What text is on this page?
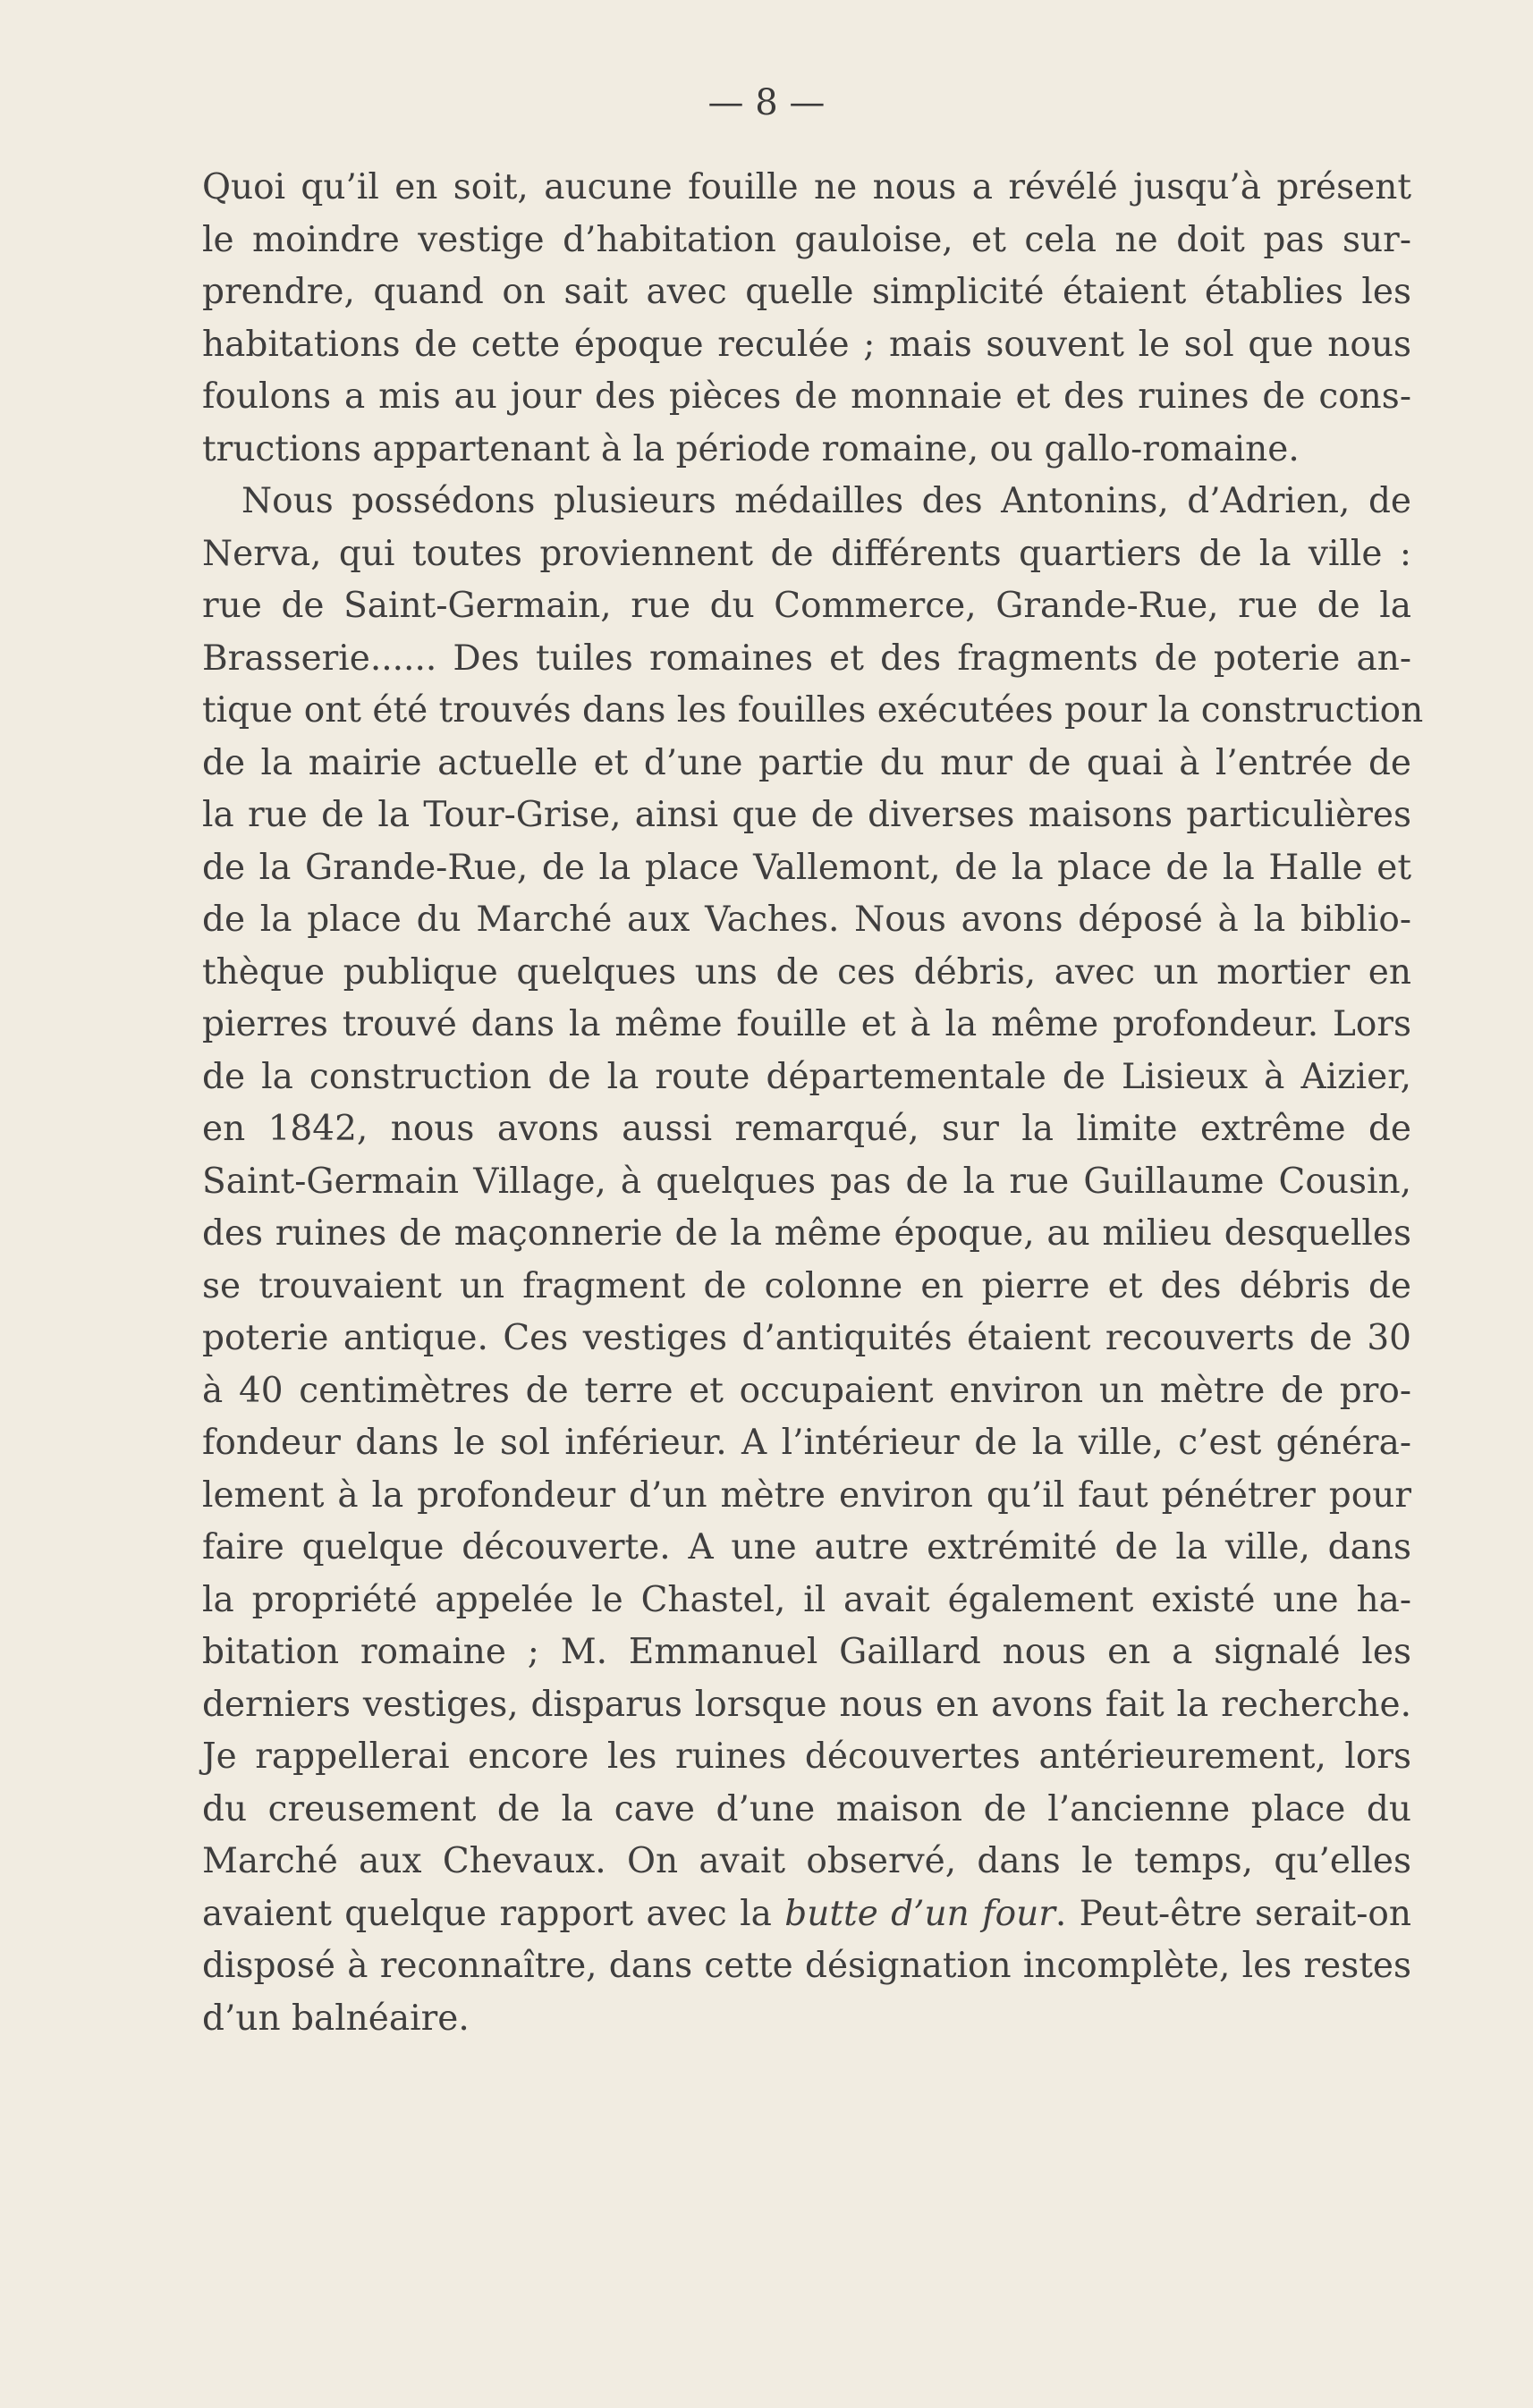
— 8 —

Quoi qu’il en soit, aucune fouille ne nous a révélé jusqu’à présent
le moindre vestige d’habitation gauloise, et cela ne doit pas sur-
prendre, quand on sait avec quelle simplicité étaient établies les
habitations de cette époque reculée ; mais souvent le sol que nous
foulons a mis au jour des pièces de monnaie et des ruines de cons-
tructions appartenant à la période romaine, ou gallo-romaine.
Nous possédons plusieurs médailles des Antonins, d’Adrien, de
Nerva, qui toutes proviennent de différents quartiers de la ville :
rue de Saint-Germain, rue du Commerce, Grande-Rue, rue de la
Brasserie...... Des tuiles romaines et des fragments de poterie an-
tique ont été trouvés dans les fouilles exécutées pour la construction
de la mairie actuelle et d’une partie du mur de quai à l’entrée de
la rue de la Tour-Grise, ainsi que de diverses maisons particulières
de la Grande-Rue, de la place Vallemont, de la place de la Halle et
de la place du Marché aux Vaches. Nous avons déposé à la biblio-
thèque publique quelques uns de ces débris, avec un mortier en
pierres trouvé dans la même fouille et à la même profondeur. Lors
de la construction de la route départementale de Lisieux à Aizier,
en 1842, nous avons aussi remarqué, sur la limite extrême de
Saint-Germain Village, à quelques pas de la rue Guillaume Cousin,
des ruines de maçonnerie de la même époque, au milieu desquelles
se trouvaient un fragment de colonne en pierre et des débris de
poterie antique. Ces vestiges d’antiquités étaient recouverts de 30
à 40 centimètres de terre et occupaient environ un mètre de pro-
fondeur dans le sol inférieur. A l’intérieur de la ville, c’est généra-
lement à la profondeur d’un mètre environ qu’il faut pénétrer pour
faire quelque découverte. A une autre extrémité de la ville, dans
la propriété appelée le Chastel, il avait également existé une ha-
bitation romaine ; M. Emmanuel Gaillard nous en a signalé les
derniers vestiges, disparus lorsque nous en avons fait la recherche.
Je rappellerai encore les ruines découvertes antérieurement, lors
du creusement de la cave d’une maison de l’ancienne place du
Marché aux Chevaux. On avait observé, dans le temps, qu’elles
avaient quelque rapport avec la butte d’un four. Peut-être serait-on
disposé à reconnaître, dans cette désignation incomplète, les restes
d’un balnéaire.
